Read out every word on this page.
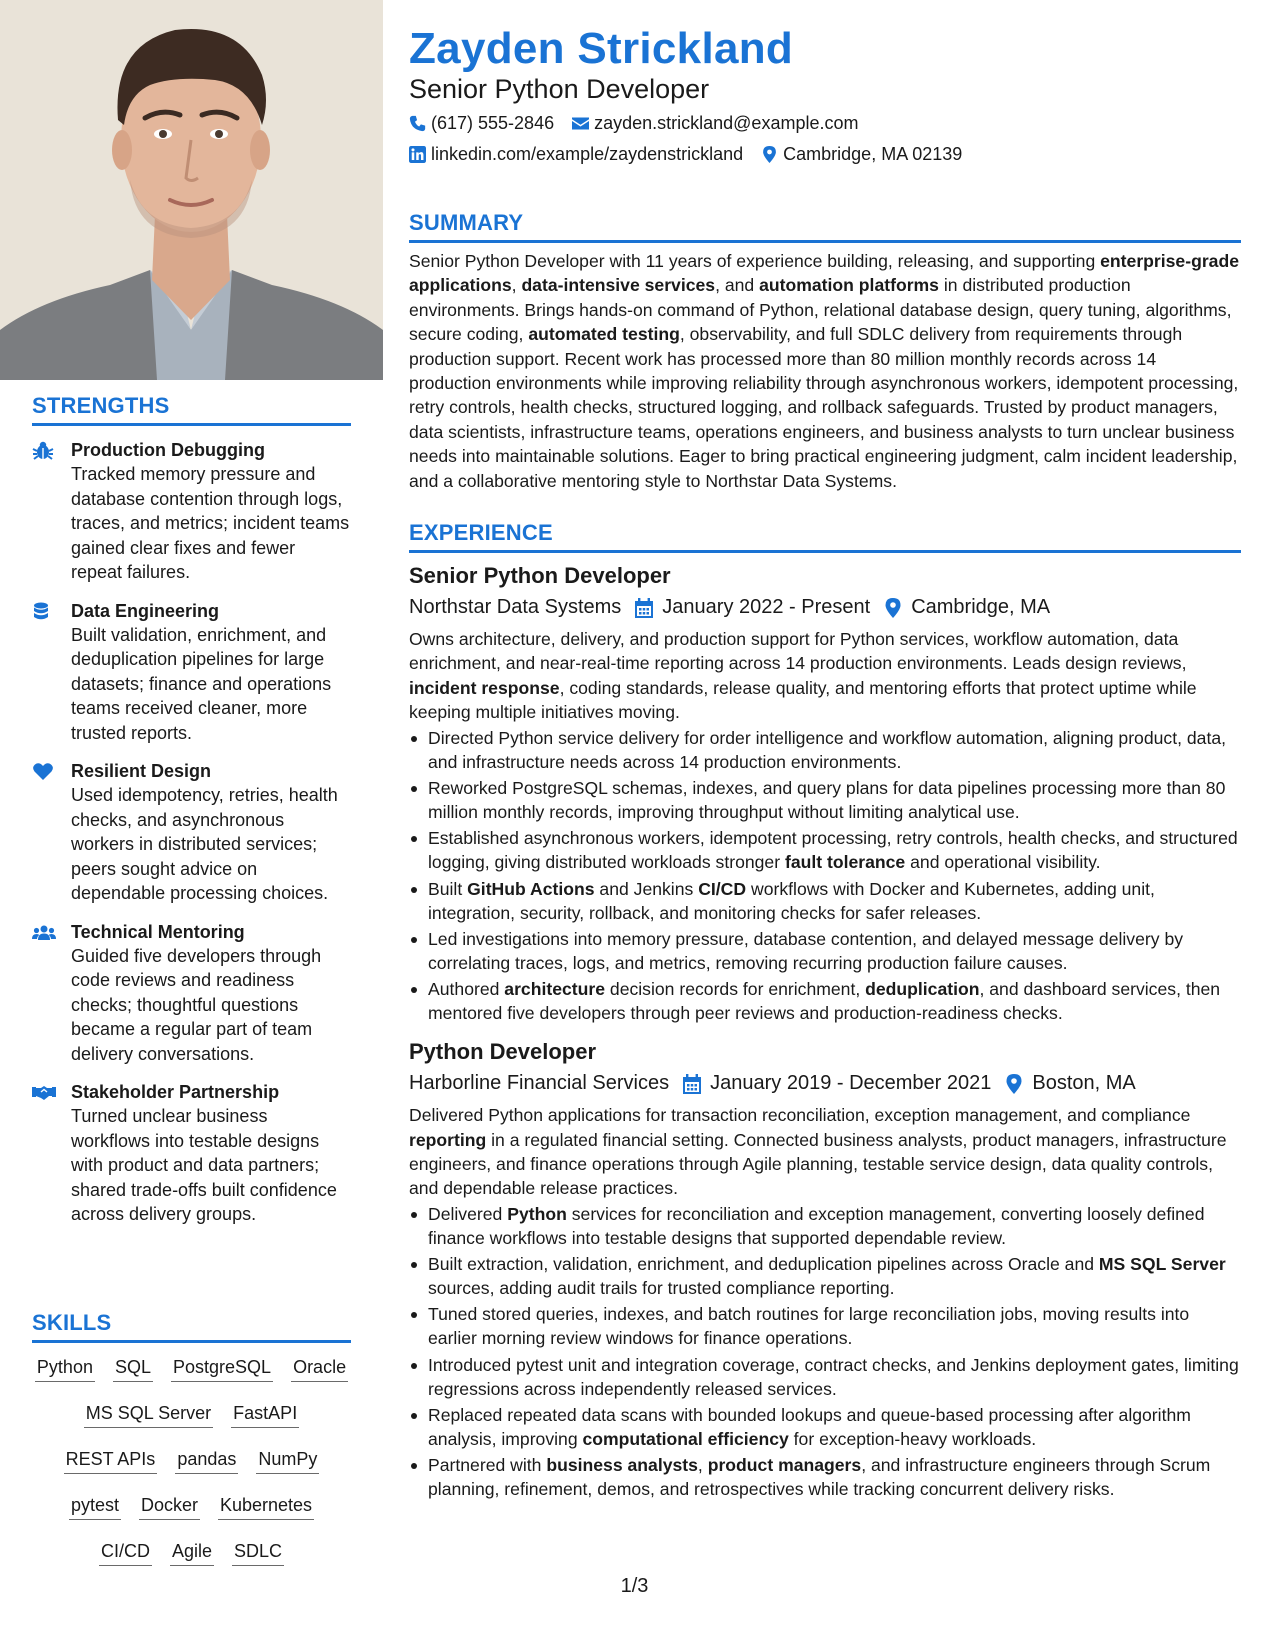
STRENGTHS
Production Debugging
Tracked memory pressure and database contention through logs, traces, and metrics; incident teams gained clear fixes and fewer repeat failures.
Data Engineering
Built validation, enrichment, and deduplication pipelines for large datasets; finance and operations teams received cleaner, more trusted reports.
Resilient Design
Used idempotency, retries, health checks, and asynchronous workers in distributed services; peers sought advice on dependable processing choices.
Technical Mentoring
Guided five developers through code reviews and readiness checks; thoughtful questions became a regular part of team delivery conversations.
Stakeholder Partnership
Turned unclear business workflows into testable designs with product and data partners; shared trade-offs built confidence across delivery groups.
SKILLS
Python SQL PostgreSQL Oracle
MS SQL Server FastAPI
REST APIs pandas NumPy
pytest Docker Kubernetes
CI/CD Agile SDLC
Zayden Strickland
Senior Python Developer
(617) 555-2846 zayden.strickland@example.com
linkedin.com/example/zaydenstrickland Cambridge, MA 02139
SUMMARY
Senior Python Developer with 11 years of experience building, releasing, and supporting enterprise-grade applications, data-intensive services, and automation platforms in distributed production environments. Brings hands-on command of Python, relational database design, query tuning, algorithms, secure coding, automated testing, observability, and full SDLC delivery from requirements through production support. Recent work has processed more than 80 million monthly records across 14 production environments while improving reliability through asynchronous workers, idempotent processing, retry controls, health checks, structured logging, and rollback safeguards. Trusted by product managers, data scientists, infrastructure teams, operations engineers, and business analysts to turn unclear business needs into maintainable solutions. Eager to bring practical engineering judgment, calm incident leadership, and a collaborative mentoring style to Northstar Data Systems.
EXPERIENCE
Senior Python Developer
Northstar Data Systems January 2022 - Present Cambridge, MA
Owns architecture, delivery, and production support for Python services, workflow automation, data enrichment, and near-real-time reporting across 14 production environments. Leads design reviews, incident response, coding standards, release quality, and mentoring efforts that protect uptime while keeping multiple initiatives moving.
Directed Python service delivery for order intelligence and workflow automation, aligning product, data, and infrastructure needs across 14 production environments.
Reworked PostgreSQL schemas, indexes, and query plans for data pipelines processing more than 80 million monthly records, improving throughput without limiting analytical use.
Established asynchronous workers, idempotent processing, retry controls, health checks, and structured logging, giving distributed workloads stronger fault tolerance and operational visibility.
Built GitHub Actions and Jenkins CI/CD workflows with Docker and Kubernetes, adding unit, integration, security, rollback, and monitoring checks for safer releases.
Led investigations into memory pressure, database contention, and delayed message delivery by correlating traces, logs, and metrics, removing recurring production failure causes.
Authored architecture decision records for enrichment, deduplication, and dashboard services, then mentored five developers through peer reviews and production-readiness checks.
Python Developer
Harborline Financial Services January 2019 - December 2021 Boston, MA
Delivered Python applications for transaction reconciliation, exception management, and compliance reporting in a regulated financial setting. Connected business analysts, product managers, infrastructure engineers, and finance operations through Agile planning, testable service design, data quality controls, and dependable release practices.
Delivered Python services for reconciliation and exception management, converting loosely defined finance workflows into testable designs that supported dependable review.
Built extraction, validation, enrichment, and deduplication pipelines across Oracle and MS SQL Server sources, adding audit trails for trusted compliance reporting.
Tuned stored queries, indexes, and batch routines for large reconciliation jobs, moving results into earlier morning review windows for finance operations.
Introduced pytest unit and integration coverage, contract checks, and Jenkins deployment gates, limiting regressions across independently released services.
Replaced repeated data scans with bounded lookups and queue-based processing after algorithm analysis, improving computational efficiency for exception-heavy workloads.
Partnered with business analysts, product managers, and infrastructure engineers through Scrum planning, refinement, demos, and retrospectives while tracking concurrent delivery risks.
1/3
